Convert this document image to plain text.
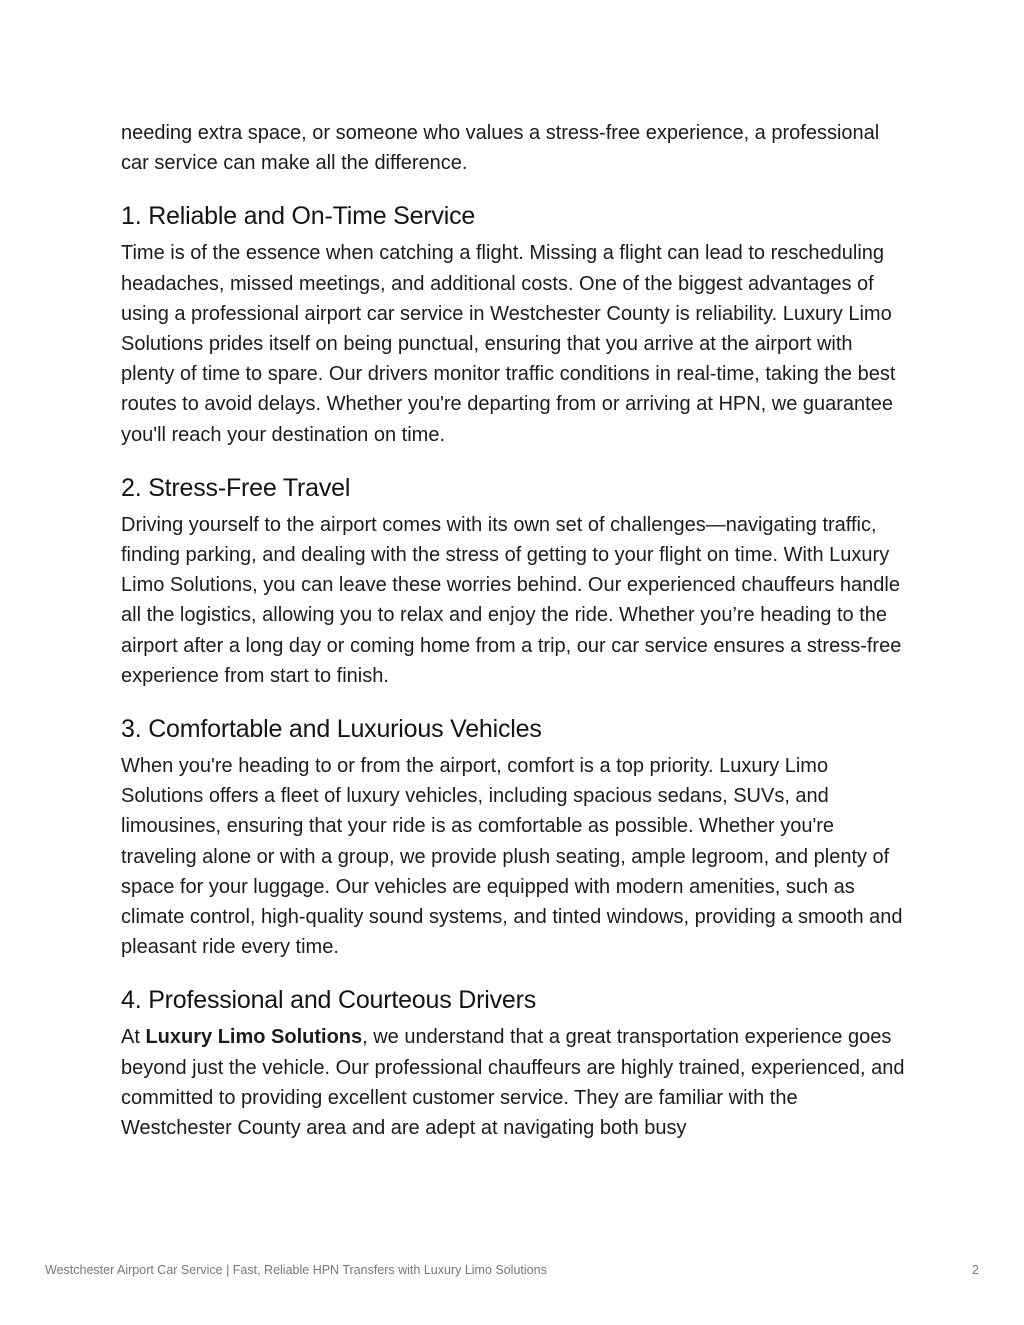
needing extra space, or someone who values a stress-free experience, a professional car service can make all the difference.

1. Reliable and On-Time Service

Time is of the essence when catching a flight. Missing a flight can lead to rescheduling headaches, missed meetings, and additional costs. One of the biggest advantages of using a professional airport car service in Westchester County is reliability. Luxury Limo Solutions prides itself on being punctual, ensuring that you arrive at the airport with plenty of time to spare. Our drivers monitor traffic conditions in real-time, taking the best routes to avoid delays. Whether you're departing from or arriving at HPN, we guarantee you'll reach your destination on time.

2. Stress-Free Travel

Driving yourself to the airport comes with its own set of challenges—navigating traffic, finding parking, and dealing with the stress of getting to your flight on time. With Luxury Limo Solutions, you can leave these worries behind. Our experienced chauffeurs handle all the logistics, allowing you to relax and enjoy the ride. Whether you’re heading to the airport after a long day or coming home from a trip, our car service ensures a stress-free experience from start to finish.

3. Comfortable and Luxurious Vehicles

When you're heading to or from the airport, comfort is a top priority. Luxury Limo Solutions offers a fleet of luxury vehicles, including spacious sedans, SUVs, and limousines, ensuring that your ride is as comfortable as possible. Whether you're traveling alone or with a group, we provide plush seating, ample legroom, and plenty of space for your luggage. Our vehicles are equipped with modern amenities, such as climate control, high-quality sound systems, and tinted windows, providing a smooth and pleasant ride every time.

4. Professional and Courteous Drivers

At Luxury Limo Solutions, we understand that a great transportation experience goes beyond just the vehicle. Our professional chauffeurs are highly trained, experienced, and committed to providing excellent customer service. They are familiar with the Westchester County area and are adept at navigating both busy

Westchester Airport Car Service | Fast, Reliable HPN Transfers with Luxury Limo Solutions	2
